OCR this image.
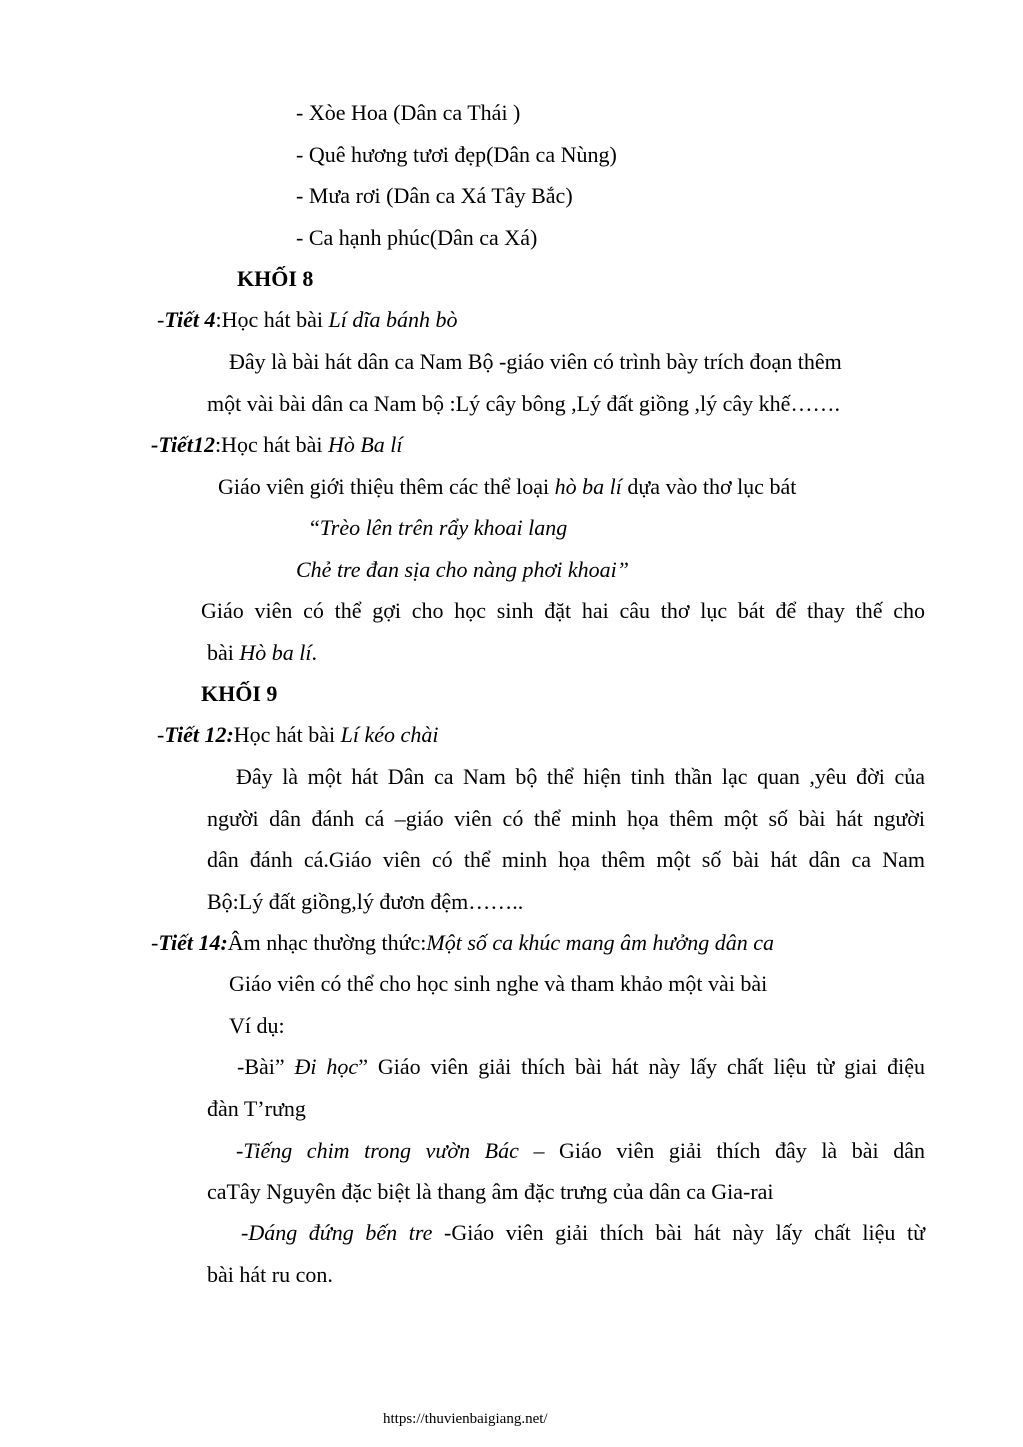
- Xòe Hoa (Dân ca Thái )
- Quê hương tươi đẹp(Dân ca Nùng)
- Mưa rơi (Dân ca Xá Tây Bắc)
- Ca hạnh phúc(Dân ca Xá)
KHỐI 8
-Tiết 4:Học hát bài Lí dĩa bánh bò
Đây là bài hát dân ca Nam Bộ -giáo viên có trình bày trích đoạn thêm
một vài bài dân ca Nam bộ :Lý cây bông ,Lý đất giồng ,lý cây khế…….
-Tiết12:Học hát bài Hò Ba lí
Giáo viên giới thiệu thêm các thể loại hò ba lí dựa vào thơ lục bát
“Trèo lên trên rẩy khoai lang
Chẻ tre đan sịa cho nàng phơi khoai”
Giáo viên có thể gợi cho học sinh đặt hai câu thơ lục bát để thay thế cho
bài Hò ba lí.
KHỐI 9
-Tiết 12:Học hát bài Lí kéo chài
Đây là một hát Dân ca Nam bộ thể hiện tinh thần lạc quan ,yêu đời của
người dân đánh cá –giáo viên có thể minh họa thêm một số bài hát người
dân đánh cá.Giáo viên có thể minh họa thêm một số bài hát dân ca Nam
Bộ:Lý đất giồng,lý đươn đệm……..
-Tiết 14:Âm nhạc thường thức:Một số ca khúc mang âm hưởng dân ca
Giáo viên có thể cho học sinh nghe và tham khảo một vài bài
Ví dụ:
-Bài” Đi học” Giáo viên giải thích bài hát này lấy chất liệu từ giai điệu
đàn T’rưng
-Tiếng chim trong vườn Bác – Giáo viên giải thích đây là bài dân
caTây Nguyên đặc biệt là thang âm đặc trưng của dân ca Gia-rai
-Dáng đứng bến tre -Giáo viên giải thích bài hát này lấy chất liệu từ
bài hát ru con.
https://thuvienbaigiang.net/
